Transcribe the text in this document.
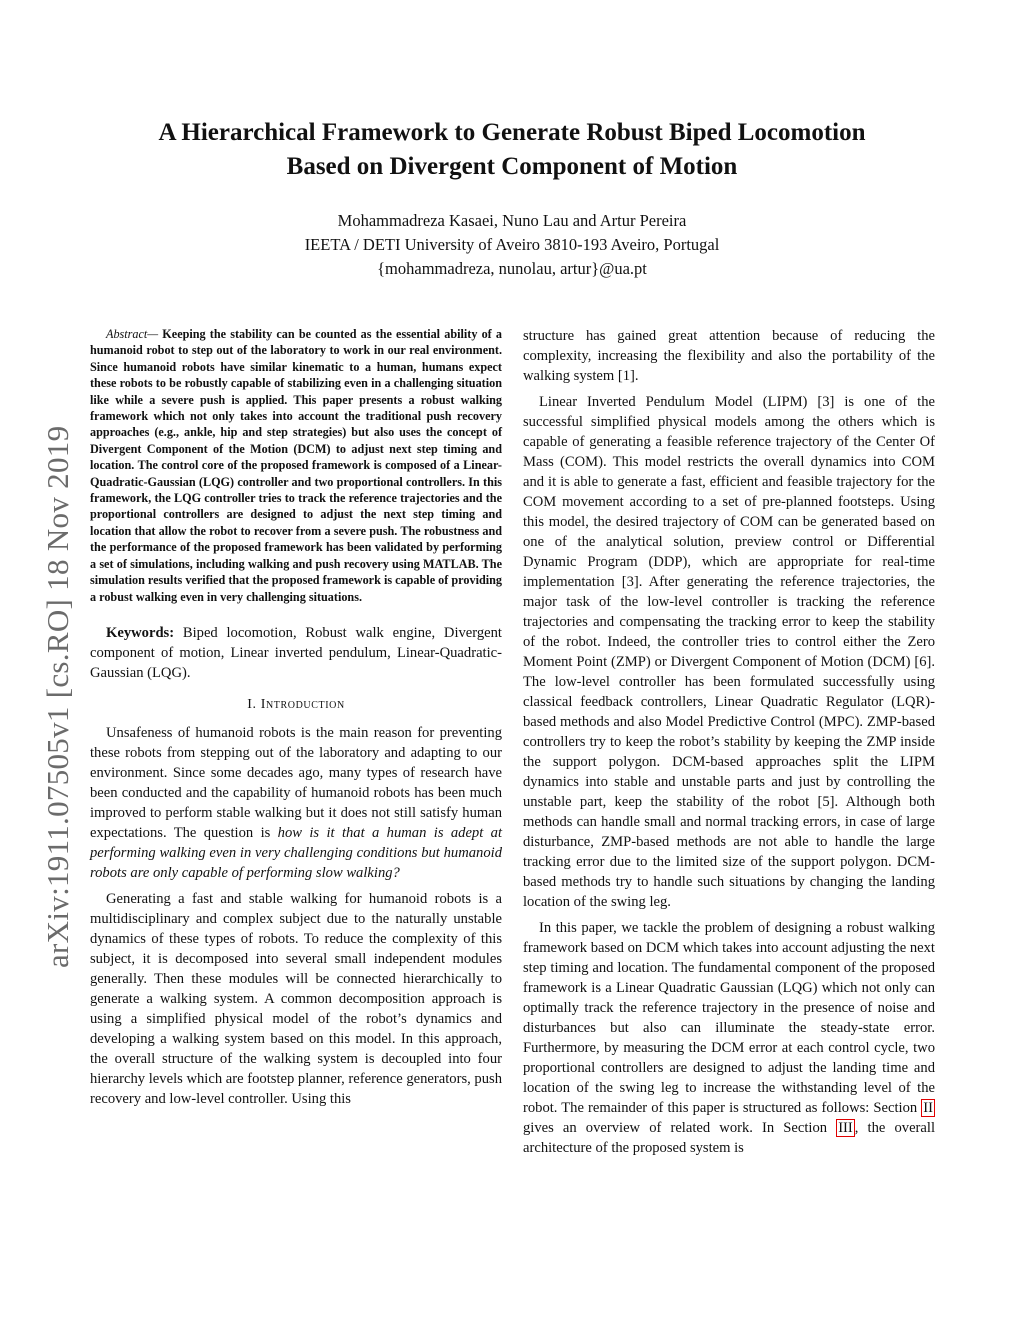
arXiv:1911.07505v1 [cs.RO] 18 Nov 2019
A Hierarchical Framework to Generate Robust Biped Locomotion
Based on Divergent Component of Motion
Mohammadreza Kasaei, Nuno Lau and Artur Pereira
IEETA / DETI University of Aveiro 3810-193 Aveiro, Portugal
{mohammadreza, nunolau, artur}@ua.pt

Abstract— Keeping the stability can be counted as the essential ability of a humanoid robot to step out of the laboratory to work in our real environment. Since humanoid robots have similar kinematic to a human, humans expect these robots to be robustly capable of stabilizing even in a challenging situation like while a severe push is applied. This paper presents a robust walking framework which not only takes into account the traditional push recovery approaches (e.g., ankle, hip and step strategies) but also uses the concept of Divergent Component of the Motion (DCM) to adjust next step timing and location. The control core of the proposed framework is composed of a Linear-Quadratic-Gaussian (LQG) controller and two proportional controllers. In this framework, the LQG controller tries to track the reference trajectories and the proportional controllers are designed to adjust the next step timing and location that allow the robot to recover from a severe push. The robustness and the performance of the proposed framework has been validated by performing a set of simulations, including walking and push recovery using MATLAB. The simulation results verified that the proposed framework is capable of providing a robust walking even in very challenging situations.

Keywords: Biped locomotion, Robust walk engine, Divergent component of motion, Linear inverted pendulum, Linear-Quadratic-Gaussian (LQG).

I. Introduction

Unsafeness of humanoid robots is the main reason for preventing these robots from stepping out of the laboratory and adapting to our environment. Since some decades ago, many types of research have been conducted and the capability of humanoid robots has been much improved to perform stable walking but it does not still satisfy human expectations. The question is how is it that a human is adept at performing walking even in very challenging conditions but humanoid robots are only capable of performing slow walking?

Generating a fast and stable walking for humanoid robots is a multidisciplinary and complex subject due to the naturally unstable dynamics of these types of robots. To reduce the complexity of this subject, it is decomposed into several small independent modules generally. Then these modules will be connected hierarchically to generate a walking system. A common decomposition approach is using a simplified physical model of the robot’s dynamics and developing a walking system based on this model. In this approach, the overall structure of the walking system is decoupled into four hierarchy levels which are footstep planner, reference generators, push recovery and low-level controller. Using this

structure has gained great attention because of reducing the complexity, increasing the flexibility and also the portability of the walking system [1].

Linear Inverted Pendulum Model (LIPM) [3] is one of the successful simplified physical models among the others which is capable of generating a feasible reference trajectory of the Center Of Mass (COM). This model restricts the overall dynamics into COM and it is able to generate a fast, efficient and feasible trajectory for the COM movement according to a set of pre-planned footsteps. Using this model, the desired trajectory of COM can be generated based on one of the analytical solution, preview control or Differential Dynamic Program (DDP), which are appropriate for real-time implementation [3]. After generating the reference trajectories, the major task of the low-level controller is tracking the reference trajectories and compensating the tracking error to keep the stability of the robot. Indeed, the controller tries to control either the Zero Moment Point (ZMP) or Divergent Component of Motion (DCM) [6]. The low-level controller has been formulated successfully using classical feedback controllers, Linear Quadratic Regulator (LQR)-based methods and also Model Predictive Control (MPC). ZMP-based controllers try to keep the robot’s stability by keeping the ZMP inside the support polygon. DCM-based approaches split the LIPM dynamics into stable and unstable parts and just by controlling the unstable part, keep the stability of the robot [5]. Although both methods can handle small and normal tracking errors, in case of large disturbance, ZMP-based methods are not able to handle the large tracking error due to the limited size of the support polygon. DCM-based methods try to handle such situations by changing the landing location of the swing leg.

In this paper, we tackle the problem of designing a robust walking framework based on DCM which takes into account adjusting the next step timing and location. The fundamental component of the proposed framework is a Linear Quadratic Gaussian (LQG) which not only can optimally track the reference trajectory in the presence of noise and disturbances but also can illuminate the steady-state error. Furthermore, by measuring the DCM error at each control cycle, two proportional controllers are designed to adjust the landing time and location of the swing leg to increase the withstanding level of the robot. The remainder of this paper is structured as follows: Section II gives an overview of related work. In Section III , the overall architecture of the proposed system is
